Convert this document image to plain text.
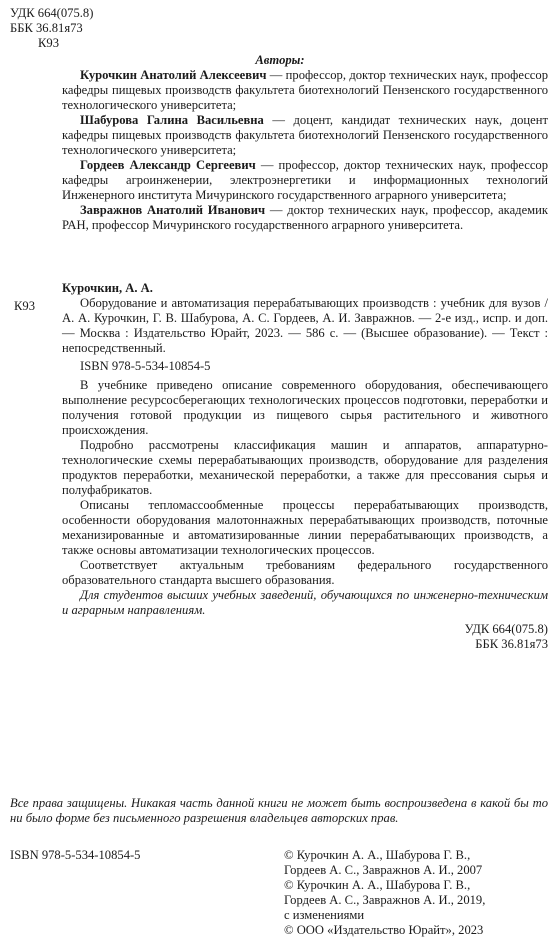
УДК 664(075.8)
ББК 36.81я73
К93
Авторы:

Курочкин Анатолий Алексеевич — профессор, доктор технических наук, профессор кафедры пищевых производств факультета биотехнологий Пензенского государственного технологического университета;

Шабурова Галина Васильевна — доцент, кандидат технических наук, доцент кафедры пищевых производств факультета биотехнологий Пензенского государственного технологического университета;

Гордеев Александр Сергеевич — профессор, доктор технических наук, профессор кафедры агроинженерии, электроэнергетики и информационных технологий Инженерного института Мичуринского государственного аграрного университета;

Завражнов Анатолий Иванович — доктор технических наук, профессор, академик РАН, профессор Мичуринского государственного аграрного университета.

К93

Курочкин, А. А.

Оборудование и автоматизация перерабатывающих производств : учебник для вузов / А. А. Курочкин, Г. В. Шабурова, А. С. Гордеев, А. И. Завражнов. — 2-е изд., испр. и доп. — Москва : Издательство Юрайт, 2023. — 586 с. — (Высшее образование). — Текст : непосредственный.

ISBN 978-5-534-10854-5

В учебнике приведено описание современного оборудования, обеспечивающего выполнение ресурсосберегающих технологических процессов подготовки, переработки и получения готовой продукции из пищевого сырья растительного и животного происхождения.

Подробно рассмотрены классификация машин и аппаратов, аппаратурно-технологические схемы перерабатывающих производств, оборудование для разделения продуктов переработки, механической переработки, а также для прессования сырья и полуфабрикатов.

Описаны тепломассообменные процессы перерабатывающих производств, особенности оборудования малотоннажных перерабатывающих производств, поточные механизированные и автоматизированные линии перерабатывающих производств, а также основы автоматизации технологических процессов.

Соответствует актуальным требованиям федерального государственного образовательного стандарта высшего образования.

Для студентов высших учебных заведений, обучающихся по инженерно-техническим и аграрным направлениям.

УДК 664(075.8)
ББК 36.81я73
Все права защищены. Никакая часть данной книги не может быть воспроизведена в какой бы то ни было форме без письменного разрешения владельцев авторских прав.
ISBN 978-5-534-10854-5	© Курочкин А. А., Шабурова Г. В.,
Гордеев А. С., Завражнов А. И., 2007
© Курочкин А. А., Шабурова Г. В.,
Гордеев А. С., Завражнов А. И., 2019,
с изменениями
© ООО «Издательство Юрайт», 2023
